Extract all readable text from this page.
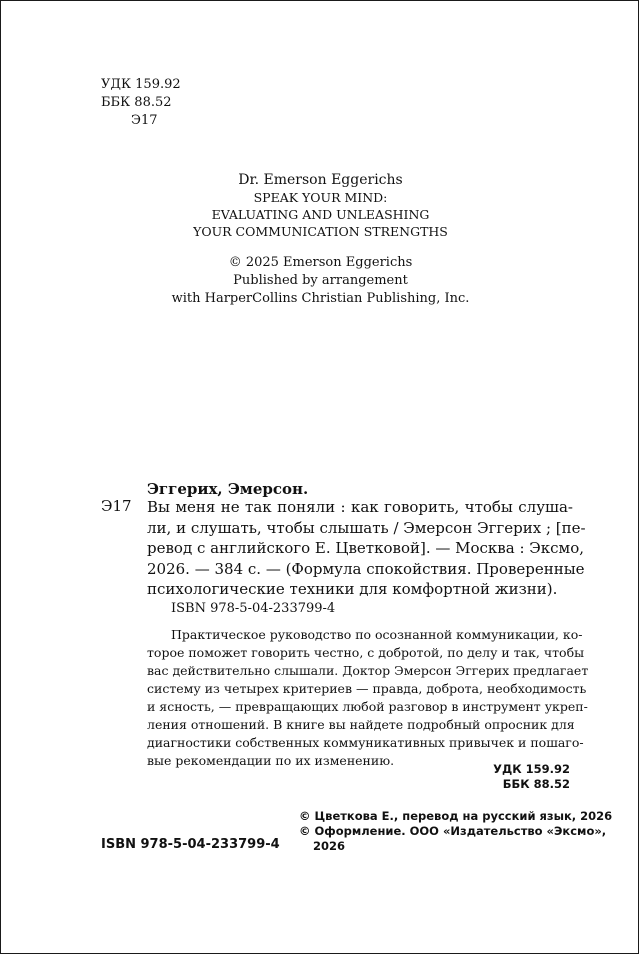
УДК 159.92
ББК 88.52
Э17
Dr. Emerson Eggerichs
SPEAK YOUR MIND:
EVALUATING AND UNLEASHING
YOUR COMMUNICATION STRENGTHS
© 2025 Emerson Eggerichs
Published by arrangement
with HarperCollins Christian Publishing, Inc.
Эггерих, Эмерсон.
Э17 Вы меня не так поняли : как говорить, чтобы слуша-
ли, и слушать, чтобы слышать / Эмерсон Эггерих ; [пе-
ревод с английского Е. Цветковой]. — Москва : Эксмо,
2026. — 384 с. — (Формула спокойствия. Проверенные
психологические техники для комфортной жизни).
ISBN 978-5-04-233799-4
Практическое руководство по осознанной коммуникации, ко-
торое поможет говорить честно, с добротой, по делу и так, чтобы
вас действительно слышали. Доктор Эмерсон Эггерих предлагает
систему из четырех критериев — правда, доброта, необходимость
и ясность, — превращающих любой разговор в инструмент укреп-
ления отношений. В книге вы найдете подробный опросник для
диагностики собственных коммуникативных привычек и пошаго-
вые рекомендации по их изменению.
УДК 159.92
ББК 88.52
© Цветкова Е., перевод на русский язык, 2026
© Оформление. ООО «Издательство «Эксмо»,
2026
ISBN 978-5-04-233799-4
